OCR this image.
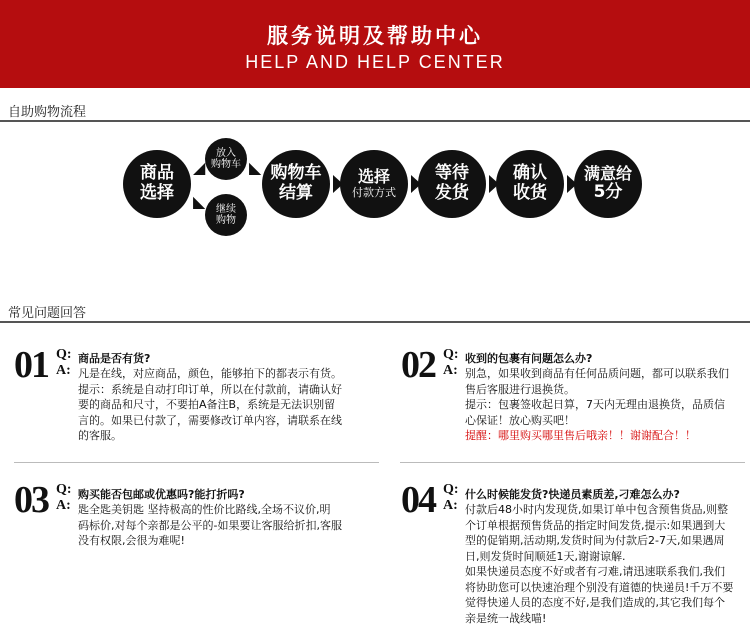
服务说明及帮助中心
HELP AND HELP CENTER
自助购物流程
商品
选择
◢
◣
放入
购物车
继续
购物
◣ 购物车
结算
选择
付款方式
等待
发货
确认
收货
满意给
5分
常见问题回答
01 Q:
A:
商品是否有货?
凡是在线，对应商品，颜色，能够拍下的都表示有货。
提示：系统是自动打印订单，所以在付款前，请确认好
要的商品和尺寸，不要拍A备注B，系统是无法识别留
言的。如果已付款了，需要修改订单内容，请联系在线
的客服。
02 Q:
A:
收到的包裹有问题怎么办?
别急，如果收到商品有任何品质问题，都可以联系我们
售后客服进行退换货。
提示：包裹签收起日算，7天内无理由退换货，品质信
心保证！放心购买吧！
提醒：哪里购买哪里售后哦亲！！谢谢配合！！
03 Q:
A:
购买能否包邮或优惠吗?能打折吗?
匙全匙美钥匙 坚持极高的性价比路线,全场不议价,明
码标价,对每个亲都是公平的-如果要让客服给折扣,客服
没有权限,会很为难呢!
04 Q:
A:
什么时候能发货?快递员素质差,刁难怎么办?
付款后48小时内发现货,如果订单中包含预售货品,则整
个订单根据预售货品的指定时间发货,提示:如果遇到大
型的促销期,活动期,发货时间为付款后2-7天,如果遇周
日,则发货时间顺延1天,谢谢谅解.
如果快递员态度不好或者有刁难,请迅速联系我们,我们
将协助您可以快速治理个别没有道德的快递员!千万不要
觉得快递人员的态度不好,是我们造成的,其它我们每个
亲是统一战线喵!
